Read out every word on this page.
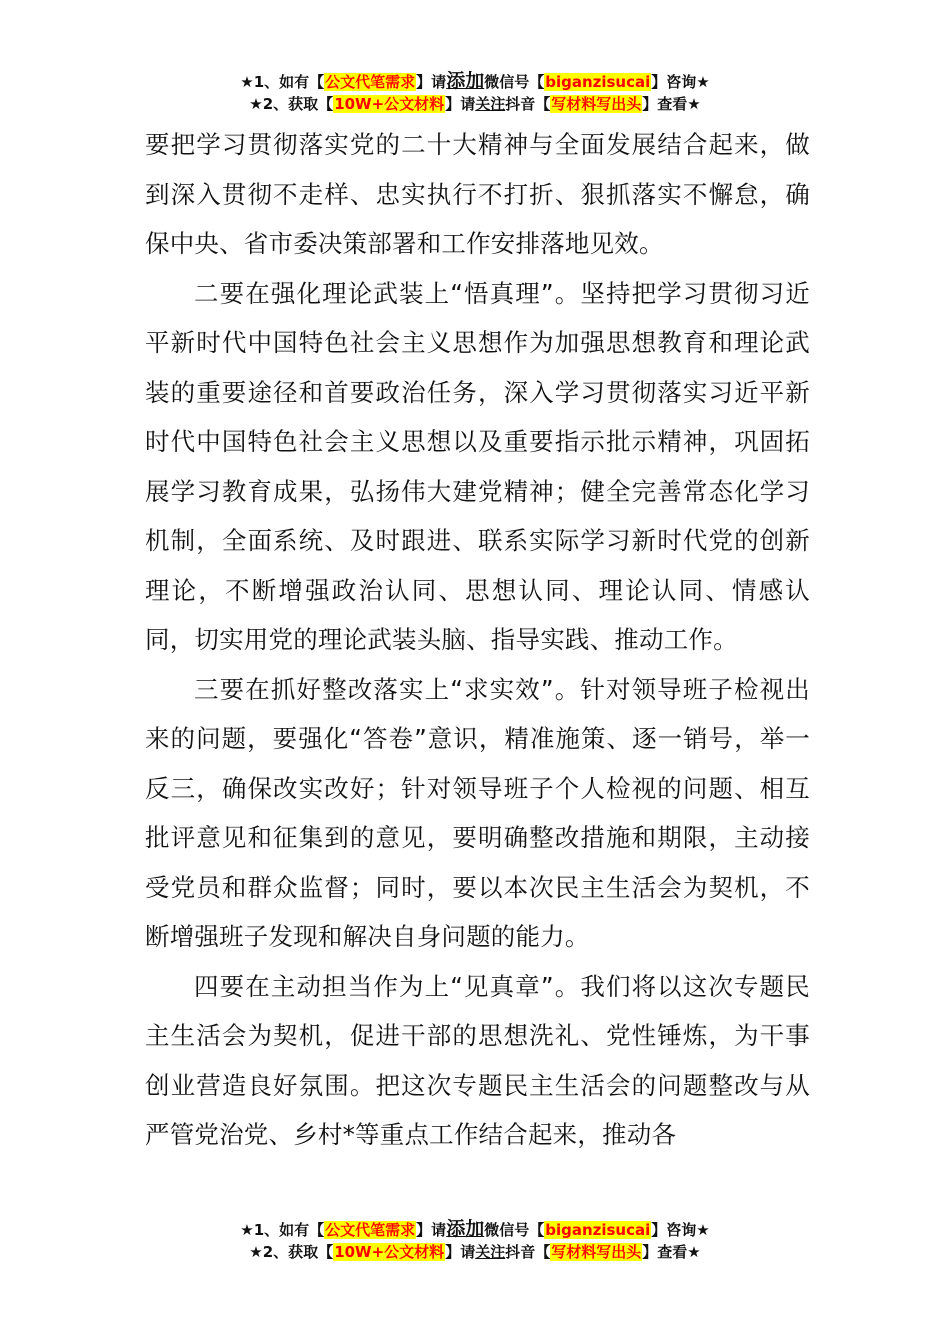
★1、如有【公文代笔需求】请添加微信号【biganzisucai】咨询★
★2、获取【10W+公文材料】请关注抖音【写材料写出头】查看★

要把学习贯彻落实党的二十大精神与全面发展结合起来，做到深入贯彻不走样、忠实执行不打折、狠抓落实不懈怠，确保中央、省市委决策部署和工作安排落地见效。

二要在强化理论武装上“悟真理”。坚持把学习贯彻习近平新时代中国特色社会主义思想作为加强思想教育和理论武装的重要途径和首要政治任务，深入学习贯彻落实习近平新时代中国特色社会主义思想以及重要指示批示精神，巩固拓展学习教育成果，弘扬伟大建党精神；健全完善常态化学习机制，全面系统、及时跟进、联系实际学习新时代党的创新理论，不断增强政治认同、思想认同、理论认同、情感认同，切实用党的理论武装头脑、指导实践、推动工作。

三要在抓好整改落实上“求实效”。针对领导班子检视出来的问题，要强化“答卷”意识，精准施策、逐一销号，举一反三，确保改实改好；针对领导班子个人检视的问题、相互批评意见和征集到的意见，要明确整改措施和期限，主动接受党员和群众监督；同时，要以本次民主生活会为契机，不断增强班子发现和解决自身问题的能力。

四要在主动担当作为上“见真章”。我们将以这次专题民主生活会为契机，促进干部的思想洗礼、党性锤炼，为干事创业营造良好氛围。把这次专题民主生活会的问题整改与从严管党治党、乡村*等重点工作结合起来，推动各

★1、如有【公文代笔需求】请添加微信号【biganzisucai】咨询★
★2、获取【10W+公文材料】请关注抖音【写材料写出头】查看★
